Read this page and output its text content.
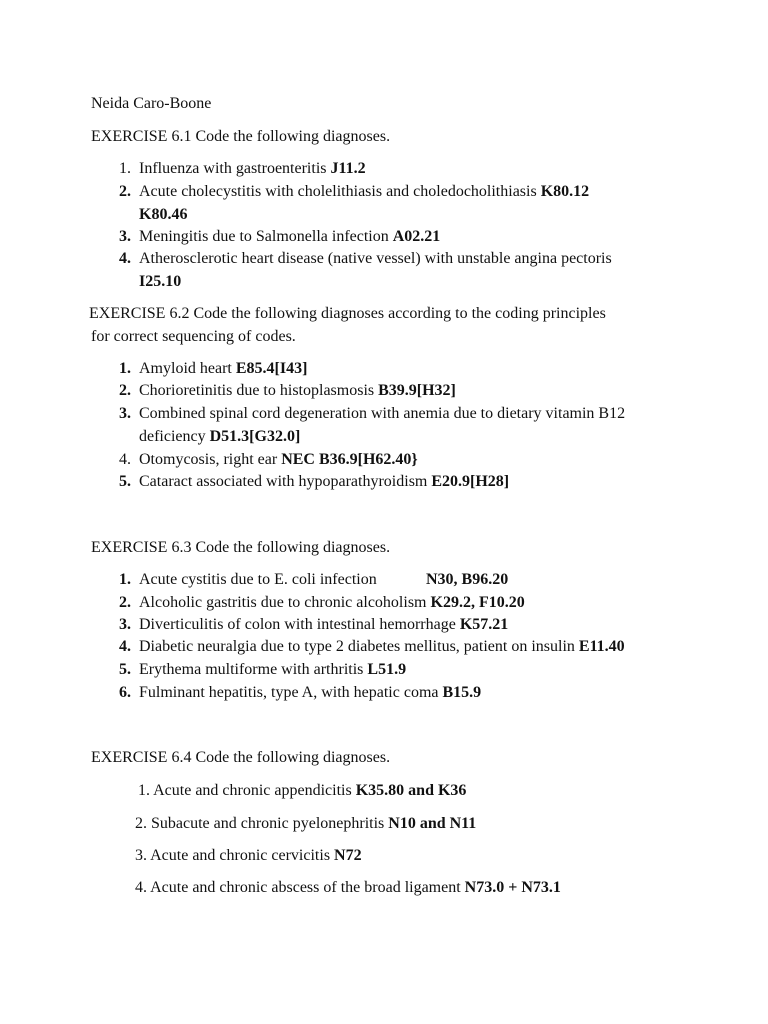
Neida Caro-Boone
EXERCISE 6.1 Code the following diagnoses.
1. Influenza with gastroenteritis J11.2
2. Acute cholecystitis with cholelithiasis and choledocholithiasis K80.12
K80.46
3. Meningitis due to Salmonella infection A02.21
4. Atherosclerotic heart disease (native vessel) with unstable angina pectoris
I25.10
EXERCISE 6.2 Code the following diagnoses according to the coding principles
for correct sequencing of codes.
1. Amyloid heart E85.4[I43]
2. Chorioretinitis due to histoplasmosis B39.9[H32]
3. Combined spinal cord degeneration with anemia due to dietary vitamin B12
deficiency D51.3[G32.0]
4. Otomycosis, right ear NEC B36.9[H62.40}
5. Cataract associated with hypoparathyroidism E20.9[H28]
EXERCISE 6.3 Code the following diagnoses.
1. Acute cystitis due to E. coli infection	N30, B96.20
2. Alcoholic gastritis due to chronic alcoholism K29.2, F10.20
3. Diverticulitis of colon with intestinal hemorrhage K57.21
4. Diabetic neuralgia due to type 2 diabetes mellitus, patient on insulin E11.40
5. Erythema multiforme with arthritis L51.9
6. Fulminant hepatitis, type A, with hepatic coma B15.9
EXERCISE 6.4 Code the following diagnoses.
1. Acute and chronic appendicitis K35.80 and K36
2. Subacute and chronic pyelonephritis N10 and N11
3. Acute and chronic cervicitis N72
4. Acute and chronic abscess of the broad ligament N73.0 + N73.1
